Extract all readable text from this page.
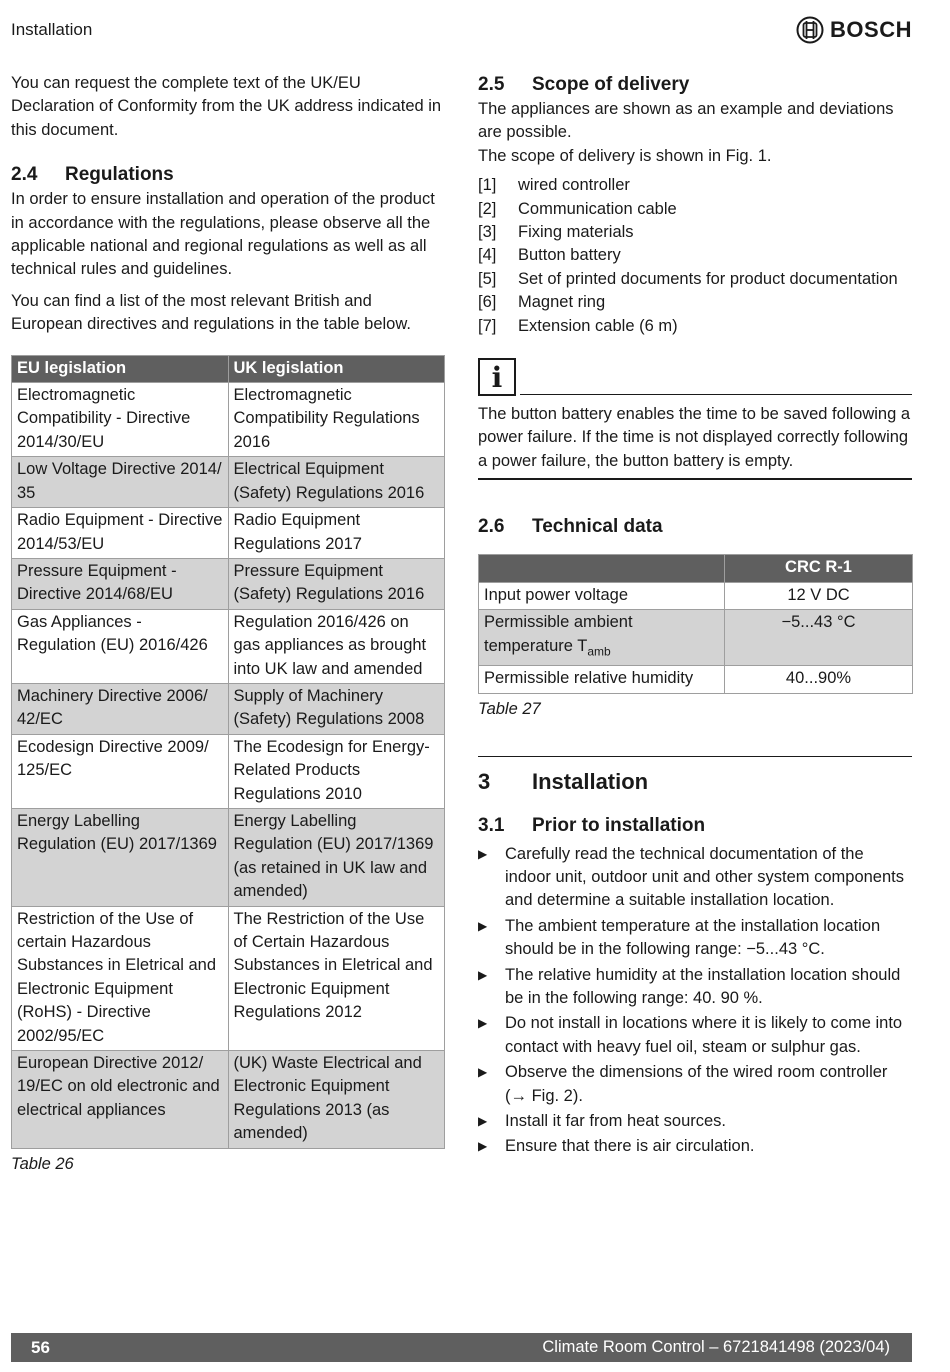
Installation	BOSCH

You can request the complete text of the UK/EU Declaration of Conformity from the UK address indicated in this document.

2.4 Regulations

In order to ensure installation and operation of the product in accordance with the regulations, please observe all the applicable national and regional regulations as well as all technical rules and guidelines.

You can find a list of the most relevant British and European directives and regulations in the table below.

EU legislation	UK legislation
Electromagnetic Compatibility - Directive 2014/30/EU	Electromagnetic Compatibility Regulations 2016
Low Voltage Directive 2014/ 35	Electrical Equipment (Safety) Regulations 2016
Radio Equipment - Directive 2014/53/EU	Radio Equipment Regulations 2017
Pressure Equipment - Directive 2014/68/EU	Pressure Equipment (Safety) Regulations 2016
Gas Appliances - Regulation (EU) 2016/426	Regulation 2016/426 on gas appliances as brought into UK law and amended
Machinery Directive 2006/ 42/EC	Supply of Machinery (Safety) Regulations 2008
Ecodesign Directive 2009/ 125/EC	The Ecodesign for Energy-Related Products Regulations 2010
Energy Labelling Regulation (EU) 2017/1369	Energy Labelling Regulation (EU) 2017/1369 (as retained in UK law and amended)
Restriction of the Use of certain Hazardous Substances in Eletrical and Electronic Equipment (RoHS) - Directive 2002/95/EC	The Restriction of the Use of Certain Hazardous Substances in Eletrical and Electronic Equipment Regulations 2012
European Directive 2012/ 19/EC on old electronic and electrical appliances	(UK) Waste Electrical and Electronic Equipment Regulations 2013 (as amended)
Table 26
2.5 Scope of delivery

The appliances are shown as an example and deviations are possible.

The scope of delivery is shown in Fig. 1.

[1]	wired controller
[2]	Communication cable
[3]	Fixing materials
[4]	Button battery
[5]	Set of printed documents for product documentation
[6]	Magnet ring
[7]	Extension cable (6 m)
i

The button battery enables the time to be saved following a power failure. If the time is not displayed correctly following a power failure, the button battery is empty.

2.6 Technical data
	CRC R-1
Input power voltage	12 V DC
Permissible ambient temperature $T_{amb}$	−5...43 °C
Permissible relative humidity	40...90%
Table 27
3 Installation
3.1 Prior to installation
▶	Carefully read the technical documentation of the indoor unit, outdoor unit and other system components and determine a suitable installation location.
▶	The ambient temperature at the installation location should be in the following range: −5...43 °C.
▶	The relative humidity at the installation location should be in the following range: 40. 90 %.
▶	Do not install in locations where it is likely to come into contact with heavy fuel oil, steam or sulphur gas.
▶	Observe the dimensions of the wired room controller (→ Fig. 2).
▶	Install it far from heat sources.
▶	Ensure that there is air circulation.
56	Climate Room Control – 6721841498 (2023/04)
